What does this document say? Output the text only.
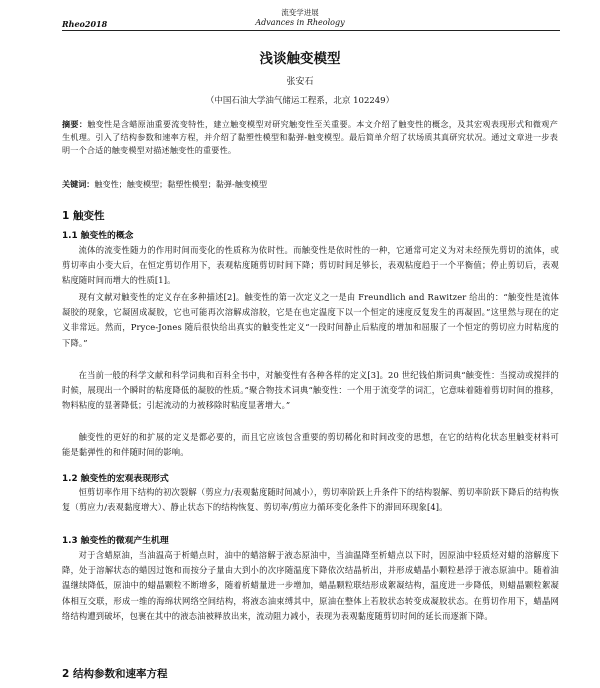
流变学进展
Advances in Rheology
Rheo2018
浅谈触变模型
张安石
（中国石油大学油气储运工程系，北京 102249）
摘要：触变性是含蜡原油重要流变特性，建立触变模型对研究触变性至关重要。本文介绍了触变性的概念，及其宏观表现形式和微观产生机理。引入了结构参数和速率方程，并介绍了黏塑性模型和黏弹-触变模型。最后简单介绍了状场质其真研究状况。通过文章进一步表明一个合适的触变模型对描述触变性的重要性。
关键词：触变性；触变模型；黏塑性模型；黏弹-触变模型
1 触变性
1.1 触变性的概念
流体的流变性随力的作用时间而变化的性质称为依时性。而触变性是依时性的一种，它通常可定义为对未经预先剪切的流体，或剪切率由小变大后，在恒定剪切作用下，表观粘度随剪切时间下降；剪切时间足够长，表观粘度趋于一个平衡值；停止剪切后，表观粘度随时间而增大的性质[1]。
现有文献对触变性的定义存在多种描述[2]。触变性的第一次定义之一是由 Freundlich and Rawitzer 给出的：“触变性是流体凝胶的现象，它凝固成凝胶，它也可能再次溶解成溶胶，它是在也定温度下以一个恒定的速度反复发生的再凝固。”这里然与现在的定义非常远。然而，Pryce-Jones 随后很快给出真实的触变性定义“一段时间静止后粘度的增加和屈服了一个恒定的剪切应力时粘度的下降。”
在当前一般的科学文献和科学词典和百科全书中，对触变性有各种各样的定义[3]。20 世纪钱伯斯词典“触变性：当搅动或搅拌的时候，展现出一个瞬时的粘度降低的凝胶的性质。”聚合物技术词典“触变性：一个用于流变学的词汇，它意味着随着剪切时间的推移，物料粘度的显著降低；引起流动的力被移除时粘度显著增大。”
触变性的更好的和扩展的定义是都必要的，而且它应该包含重要的剪切稀化和时间改变的思想，在它的结构化状态里触变材料可能是黏弹性的和伴随时间的影响。
1.2 触变性的宏观表现形式
恒剪切率作用下结构的初次裂解（剪应力/表观黏度随时间减小），剪切率阶跃上升条件下的结构裂解、剪切率阶跃下降后的结构恢复（剪应力/表观黏度增大）、静止状态下的结构恢复、剪切率/剪应力循环变化条件下的滞回环现象[4]。
1.3 触变性的微观产生机理
对于含蜡原油，当油温高于析蜡点时，油中的蜡溶解于液态原油中，当油温降至析蜡点以下时，因原油中轻质烃对蜡的溶解度下降，处于溶解状态的蜡因过饱和而按分子量由大到小的次序随温度下降依次结晶析出，并形成蜡晶小颗粒悬浮于液态原油中。随着油温继续降低，原油中的蜡晶颗粒不断增多，随着析蜡量进一步增加，蜡晶颗粒联结形成絮凝结构，温度进一步降低，则蜡晶颗粒絮凝体相互交联，形成一维的海绵状网络空间结构，将液态油束缚其中，原油在整体上若胶状态转变成凝胶状态。在剪切作用下，蜡晶网络结构遭到破坏，包裹在其中的液态油被释放出来，流动阻力减小，表现为表观黏度随剪切时间的延长而逐渐下降。
2 结构参数和速率方程
